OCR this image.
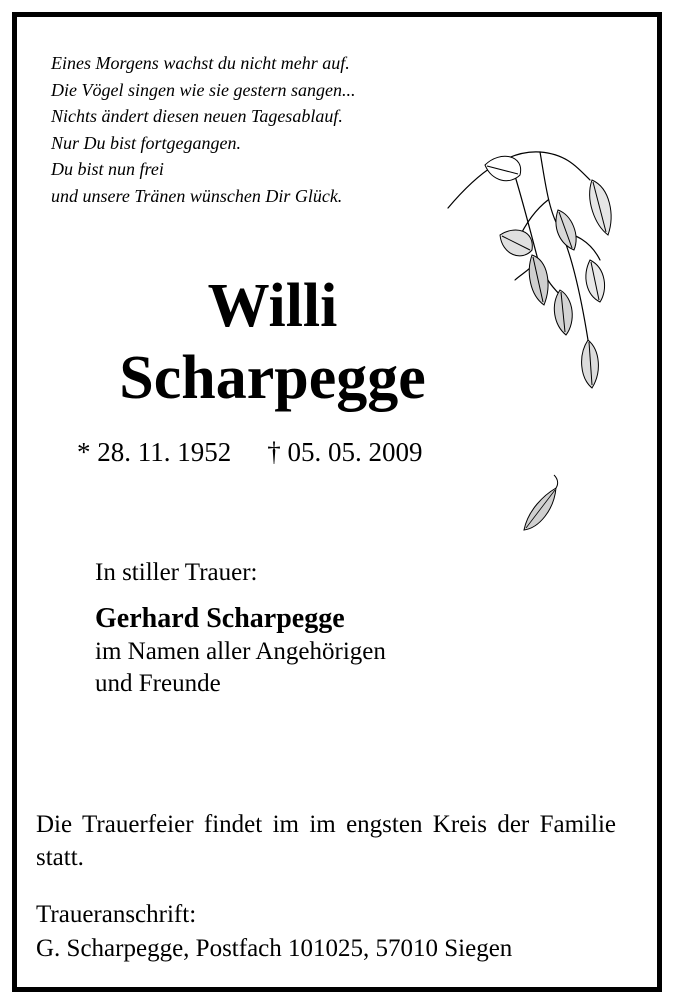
Eines Morgens wachst du nicht mehr auf.
Die Vögel singen wie sie gestern sangen...
Nichts ändert diesen neuen Tagesablauf.
Nur Du bist fortgegangen.
Du bist nun frei
und unsere Tränen wünschen Dir Glück.
Willi
Scharpegge
* 28. 11. 1952 † 05. 05. 2009
In stiller Trauer:
Gerhard Scharpegge
im Namen aller Angehörigen
und Freunde
Die Trauerfeier findet im im engsten Kreis der Familie statt.
Traueranschrift:
G. Scharpegge, Postfach 101025, 57010 Siegen
